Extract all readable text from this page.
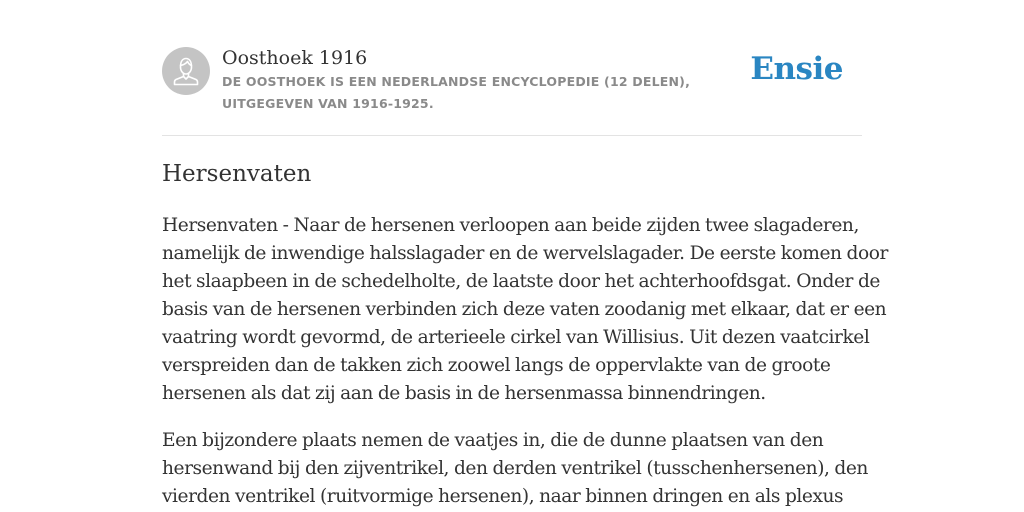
Oosthoek 1916
DE OOSTHOEK IS EEN NEDERLANDSE ENCYCLOPEDIE (12 DELEN), UITGEGEVEN VAN 1916-1925.
Ensie
Hersenvaten

Hersenvaten - Naar de hersenen verloopen aan beide zijden twee slagaderen,
namelijk de inwendige halsslagader en de wervelslagader. De eerste komen door
het slaapbeen in de schedelholte, de laatste door het achterhoofdsgat. Onder de
basis van de hersenen verbinden zich deze vaten zoodanig met elkaar, dat er een
vaatring wordt gevormd, de arterieele cirkel van Willisius. Uit dezen vaatcirkel
verspreiden dan de takken zich zoowel langs de oppervlakte van de groote
hersenen als dat zij aan de basis in de hersenmassa binnendringen.

Een bijzondere plaats nemen de vaatjes in, die de dunne plaatsen van den
hersenwand bij den zijventrikel, den derden ventrikel (tusschenhersenen), den
vierden ventrikel (ruitvormige hersenen), naar binnen dringen en als plexus
